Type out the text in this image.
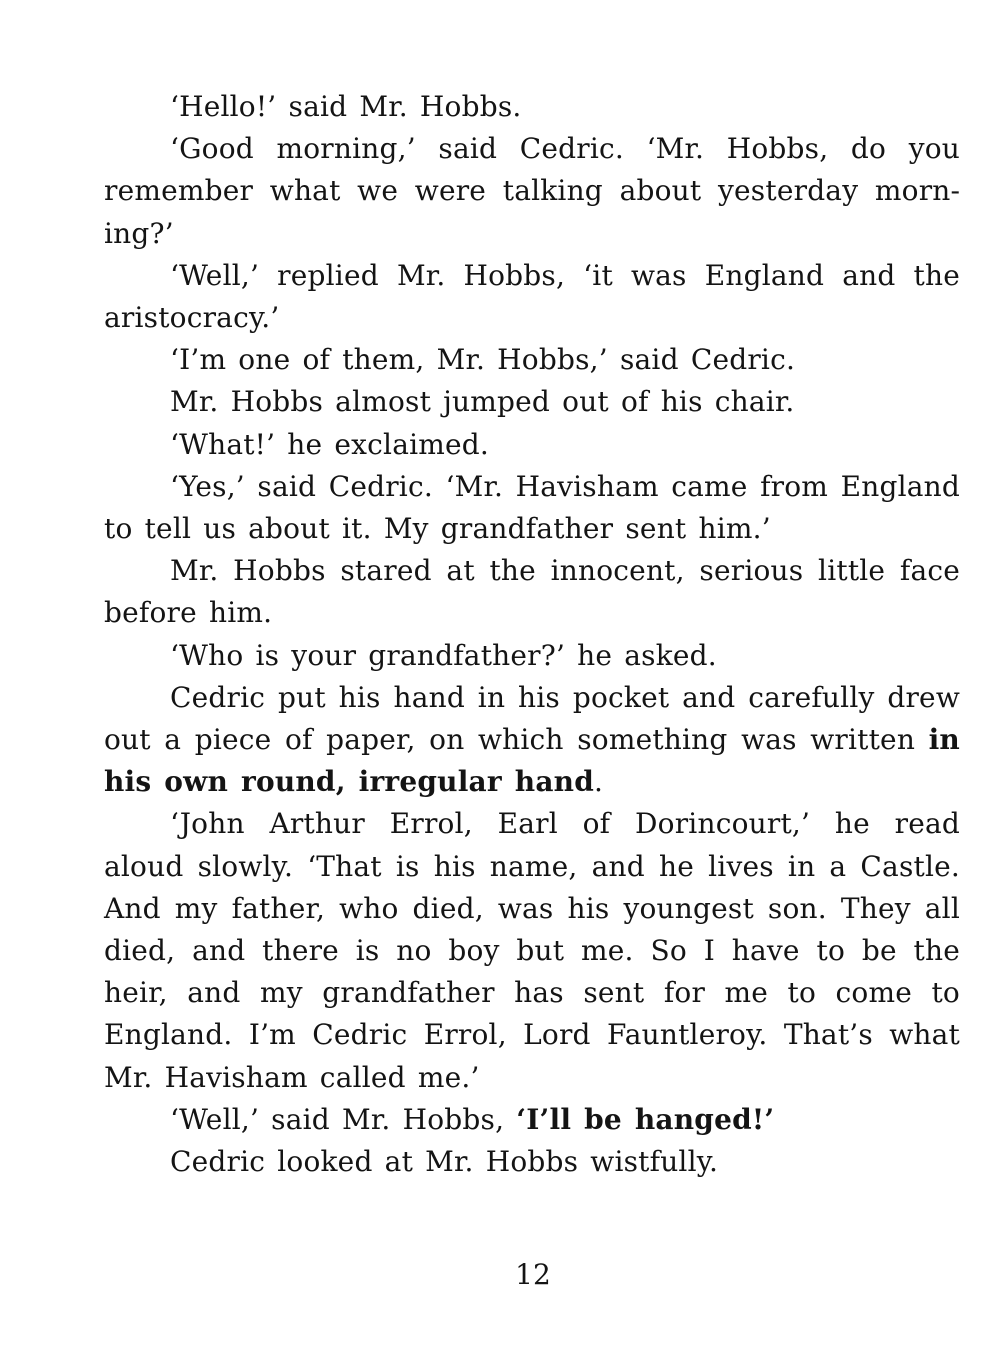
‘Hello!’ said Mr. Hobbs.

‘Good morning,’ said Cedric. ‘Mr. Hobbs, do you remember what we were talking about yesterday morning?’

‘Well,’ replied Mr. Hobbs, ‘it was England and the aristocracy.’

‘I’m one of them, Mr. Hobbs,’ said Cedric.

Mr. Hobbs almost jumped out of his chair.

‘What!’ he exclaimed.

‘Yes,’ said Cedric. ‘Mr. Havisham came from England to tell us about it. My grandfather sent him.’

Mr. Hobbs stared at the innocent, serious little face before him.

‘Who is your grandfather?’ he asked.

Cedric put his hand in his pocket and carefully drew out a piece of paper, on which something was written in his own round, irregular hand.

‘John Arthur Errol, Earl of Dorincourt,’ he read aloud slowly. ‘That is his name, and he lives in a Castle. And my father, who died, was his youngest son. They all died, and there is no boy but me. So I have to be the heir, and my grandfather has sent for me to come to England. I’m Cedric Errol, Lord Fauntleroy. That’s what Mr. Havisham called me.’

‘Well,’ said Mr. Hobbs, ‘I’ll be hanged!’

Cedric looked at Mr. Hobbs wistfully.

12
